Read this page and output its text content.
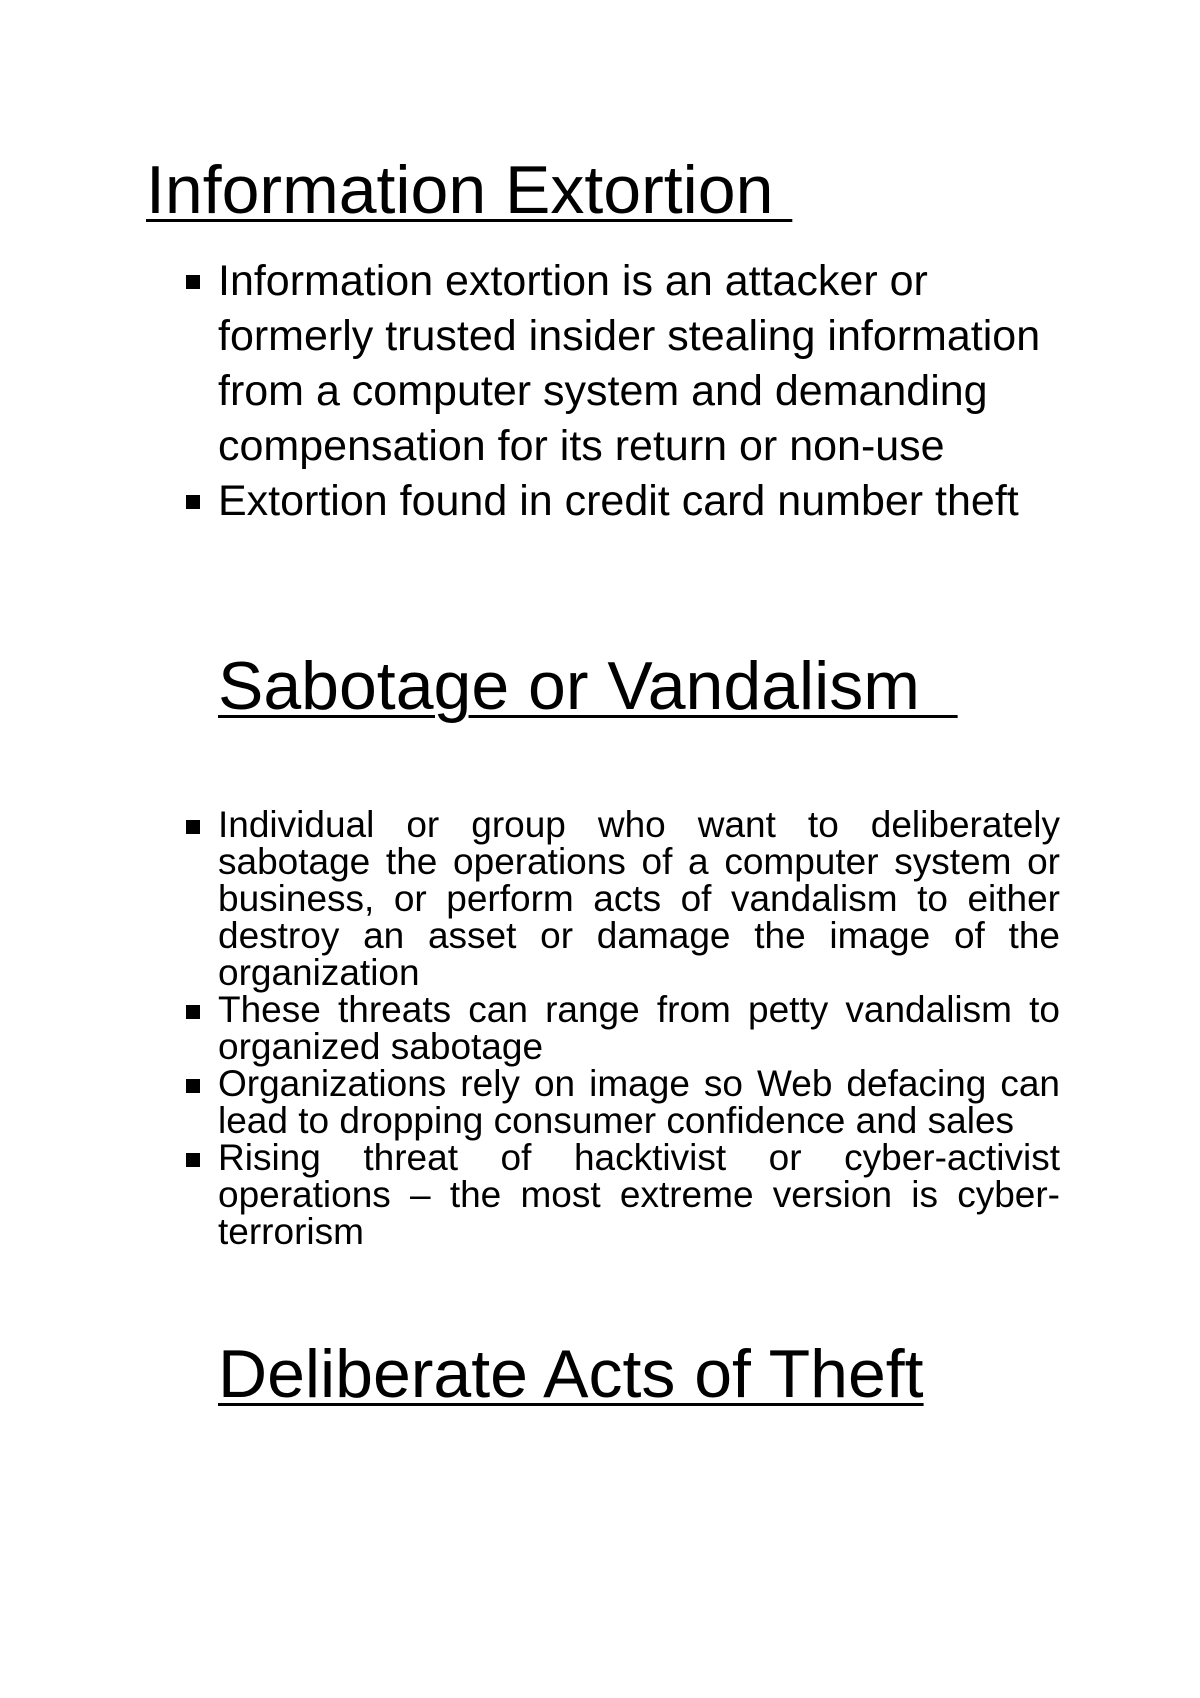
Information Extortion
Information extortion is an attacker or formerly trusted insider stealing information from a computer system and demanding compensation for its return or non-use
Extortion found in credit card number theft
Sabotage or Vandalism
Individual or group who want to deliberately sabotage the operations of a computer system or business, or perform acts of vandalism to either destroy an asset or damage the image of the organization
These threats can range from petty vandalism to organized sabotage
Organizations rely on image so Web defacing can lead to dropping consumer confidence and sales
Rising threat of hacktivist or cyber-activist operations – the most extreme version is cyber-terrorism
Deliberate Acts of Theft
